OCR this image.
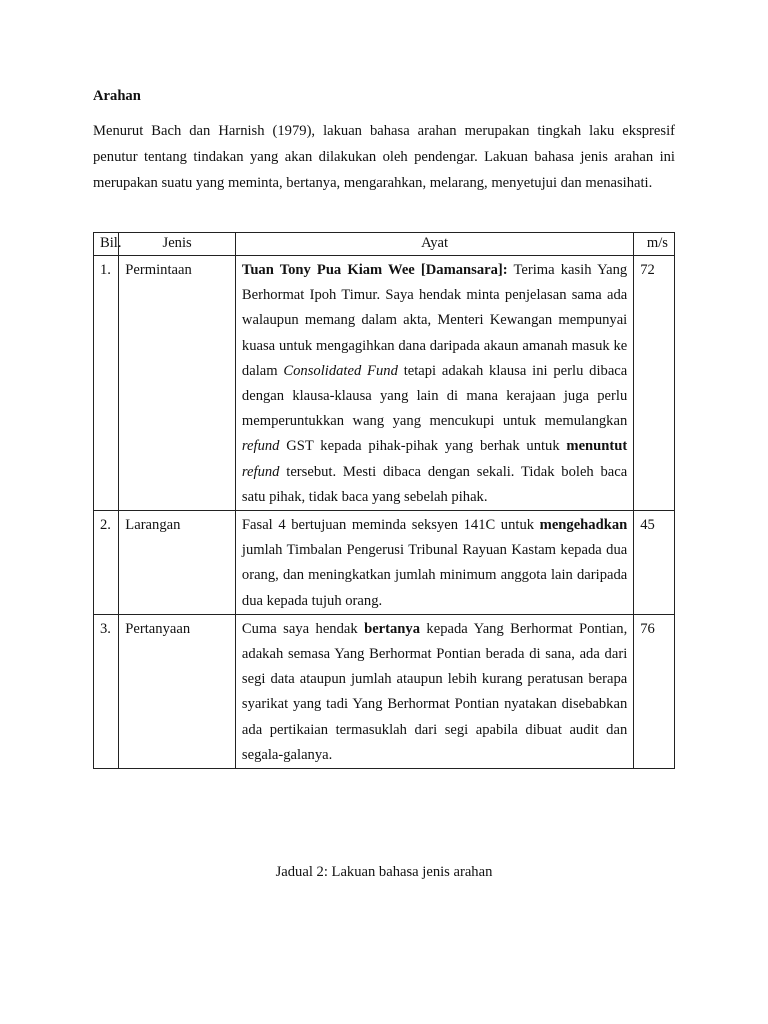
Arahan

Menurut Bach dan Harnish (1979), lakuan bahasa arahan merupakan tingkah laku ekspresif penutur tentang tindakan yang akan dilakukan oleh pendengar. Lakuan bahasa jenis arahan ini merupakan suatu yang meminta, bertanya, mengarahkan, melarang, menyetujui dan menasihati.

Bil.	Jenis	Ayat	m/s
1.	Permintaan	Tuan Tony Pua Kiam Wee [Damansara]: Terima kasih Yang Berhormat Ipoh Timur. Saya hendak minta penjelasan sama ada walaupun memang dalam akta, Menteri Kewangan mempunyai kuasa untuk mengagihkan dana daripada akaun amanah masuk ke dalam Consolidated Fund tetapi adakah klausa ini perlu dibaca dengan klausa-klausa yang lain di mana kerajaan juga perlu memperuntukkan wang yang mencukupi untuk memulangkan refund GST kepada pihak-pihak yang berhak untuk menuntut refund tersebut. Mesti dibaca dengan sekali. Tidak boleh baca satu pihak, tidak baca yang sebelah pihak.	72
2.	Larangan	Fasal 4 bertujuan meminda seksyen 141C untuk mengehadkan jumlah Timbalan Pengerusi Tribunal Rayuan Kastam kepada dua orang, dan meningkatkan jumlah minimum anggota lain daripada dua kepada tujuh orang.	45
3.	Pertanyaan	Cuma saya hendak bertanya kepada Yang Berhormat Pontian, adakah semasa Yang Berhormat Pontian berada di sana, ada dari segi data ataupun jumlah ataupun lebih kurang peratusan berapa syarikat yang tadi Yang Berhormat Pontian nyatakan disebabkan ada pertikaian termasuklah dari segi apabila dibuat audit dan segala-galanya.	76
Jadual 2: Lakuan bahasa jenis arahan
